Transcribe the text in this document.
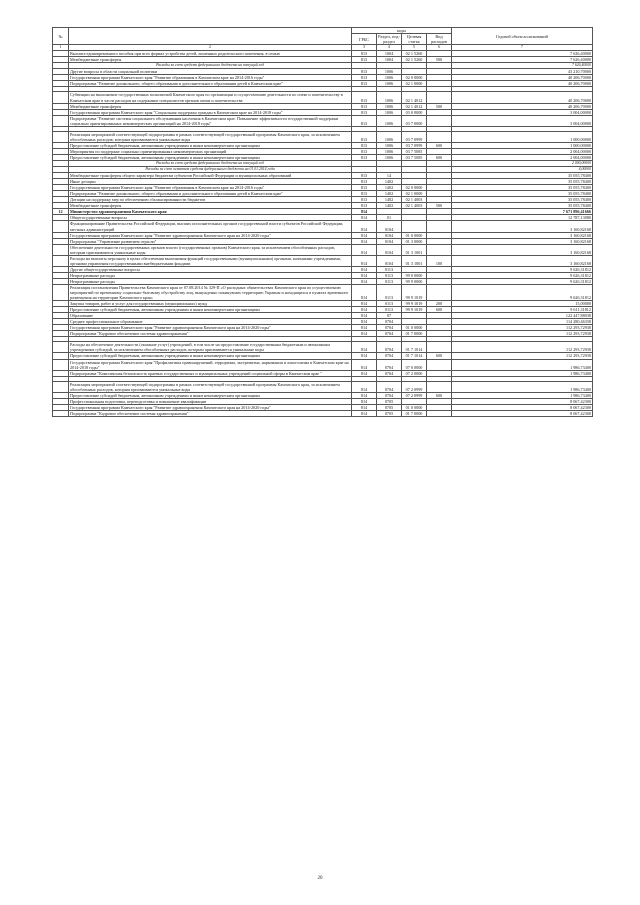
№		коды				Годовой объем ассигнований
		ГРБС	Раздел, под-раздел	Целевая статья	Вид расходов	
1	2	3	4	5	6	7
	Выплата единовременного пособия при всех формах устройства детей, лишенных родительского попечения, в семью	813	1004	02 1 5260		7 626,40000
	Межбюджетные трансферты	813	1004	02 1 5260	500	7 626,40000
	Расходы за счет средств федерального бюджета на текущий год					7 626,40000
	Другие вопросы в области социальной политики	813	1006			43 210,70000
	Государственная программа Камчатского края "Развитие образования в Камчатском крае на 2014-2016 годы"	813	1006	02 0 0000		40 206,70000
	Подпрограмма "Развитие дошкольного, общего образования и дополнительного образования детей в Камчатском крае"	813	1006	02 1 0000		40 206,70000

	Субвенции на выполнение государственных полномочий Камчатского края по организации и осуществлению деятельности по опеке и попечительству в Камчатском крае в части расходов на содержание специалистов органов опеки и попечительства	813	1006	02 1 4012		40 206,70000
	Межбюджетные трансферты	813	1006	02 1 4012	500	40 206,70000
	Государственная программа Камчатского края "Социальная поддержка граждан в Камчатском крае на 2014-2018 годы"	813	1006	03 0 0000		3 004,00000
	Подпрограмма "Развитие системы социального обслуживания населения в Камчатском крае. Повышение эффективности государственной поддержки социально ориентированных некоммерческих организаций на 2014-2018 годы"	813	1006	03 7 0000		3 004,00000

	Реализация мероприятий соответствующей подпрограммы в рамках соответствующей государственной программы Камчатского края, за исключением обособленных расходов, которым присваиваются уникальные коды	813	1006	03 7 0999		1 000,00000
	Предоставление субсидий бюджетным, автономным учреждениям и иным некоммерческим организациям	813	1006	03 7 0999	600	1 000,00000
	Мероприятия по поддержке социально ориентированных некоммерческих организаций	813	1006	03 7 5085		2 004,00000
	Предоставление субсидий бюджетным, автономным учреждениям и иным некоммерческим организациям	813	1006	03 7 5085	600	2 004,00000
	Расходы за счет средств федерального бюджета на текущий год					2 000,00000
	Расходы за счет остатков средств федерального бюджета на 01.01.2014 года					4,00000
	Межбюджетные трансферты общего характера бюджетам субъектов Российской Федерации и муниципальных образований	813	14			35 055,78400
	Иные дотации	813	1402			35 055,78400
	Государственная программа Камчатского края "Развитие образования в Камчатском крае на 2014-2016 годы"	813	1402	02 0 0000		35 055,78400
	Подпрограмма "Развитие дошкольного, общего образования и дополнительного образования детей в Камчатском крае"	813	1402	02 1 0000		35 055,78400
	Дотации на поддержку мер по обеспечению сбалансированности бюджетов	813	1402	02 1 4003		35 055,78400
	Межбюджетные трансферты	813	1402	02 1 4003	500	35 055,78400
12	Министерство здравоохранения Камчатского края	814				7 671 896,41666
	Общегосударственные вопросы	814	01			12 787,13080
	Функционирование Правительства Российской Федерации, высших исполнительных органов государственной власти субъектов Российской Федерации, местных администраций	814	0104			3 160,82168
	Государственная программа Камчатского края "Развитие здравоохранения Камчатского края на 2014-2020 годы"	814	0104	01 0 0000		3 160,82168
	Подпрограмма "Управление развитием отрасли"	814	0104	01 3 0000		3 160,82168
	Обеспечение деятельности государственных органов власти (государственных органов) Камчатского края, за исключением обособленных расходов, которым присваиваются уникальные коды	814	0104	01 3 1001		3 160,82168
	Расходы на выплаты персоналу в целях обеспечения выполнения функций государственными (муниципальными) органами, казенными учреждениями, органами управления государственными внебюджетными фондами	814	0104	01 3 1001	100	3 160,82168
	Другие общегосударственные вопросы	814	0113			9 626,31812
	Непрограммные расходы	814	0113	99 0 0000		9 626,31812
	Непрограммные расходы	814	0113	99 9 0000		9 626,31812
	Реализация постановления Правительства Камчатского края от 07.08.2014 № 329-П «О расходных обязательствах Камчатского края по осуществлению мероприятий по временному социально-бытовому обустройству лиц, вынужденно покинувших территорию Украины и находящихся в пунктах временного размещения на территории Камчатского края»	814	0113	99 9 1019		9 626,31812
	Закупка товаров, работ и услуг для государственных (муниципальных) нужд	814	0113	99 9 1019	200	15,00000
	Предоставление субсидий бюджетным, автономным учреждениям и иным некоммерческим организациям	814	0113	99 9 1019	600	9 611,31812
	Образование	814	07			122 447,88038
	Среднее профессиональное образование	814	0704			114 280,46338
	Государственная программа Камчатского края "Развитие здравоохранения Камчатского края на 2014-2020 годы"	814	0704	01 0 0000		112 293,72938
	Подпрограмма "Кадровое обеспечение системы здравоохранения"	814	0704	01 7 0000		112 293,72938

	Расходы на обеспечение деятельности (оказание услуг) учреждений, в том числе на предоставление государственным бюджетным и автономным учреждениям субсидий, за исключением обособленных расходов, которым присваиваются уникальные коды	814	0704	01 7 1014		112 293,72938
	Предоставление субсидий бюджетным, автономным учреждениям и иным некоммерческим организациям	814	0704	01 7 1014	600	112 293,72938
	Государственная программа Камчатского края "Профилактика правонарушений, терроризма, экстремизма, наркомании и алкоголизма в Камчатском крае на 2014-2018 годы"	814	0704	07 0 0000		1 986,73400
	Подпрограмма "Комплексная безопасность краевых государственных и муниципальных учреждений социальной сферы в Камчатском крае "	814	0704	07 2 0000		1 986,73400

	Реализация мероприятий соответствующей подпрограммы в рамках соответствующей государственной программы Камчатского края, за исключением обособленных расходов, которым присваиваются уникальные коды	814	0704	07 2 0999		1 986,73400
	Предоставление субсидий бюджетным, автономным учреждениям и иным некоммерческим организациям	814	0704	07 2 0999	600	1 986,73400
	Профессиональная подготовка, переподготовка и повышение квалификации	814	0705			8 067,42300
	Государственная программа Камчатского края "Развитие здравоохранения Камчатского края на 2014-2020 годы"	814	0705	01 0 0000		8 067,42300
	Подпрограмма "Кадровое обеспечение системы здравоохранения"	814	0705	01 7 0000		8 067,42300
20
